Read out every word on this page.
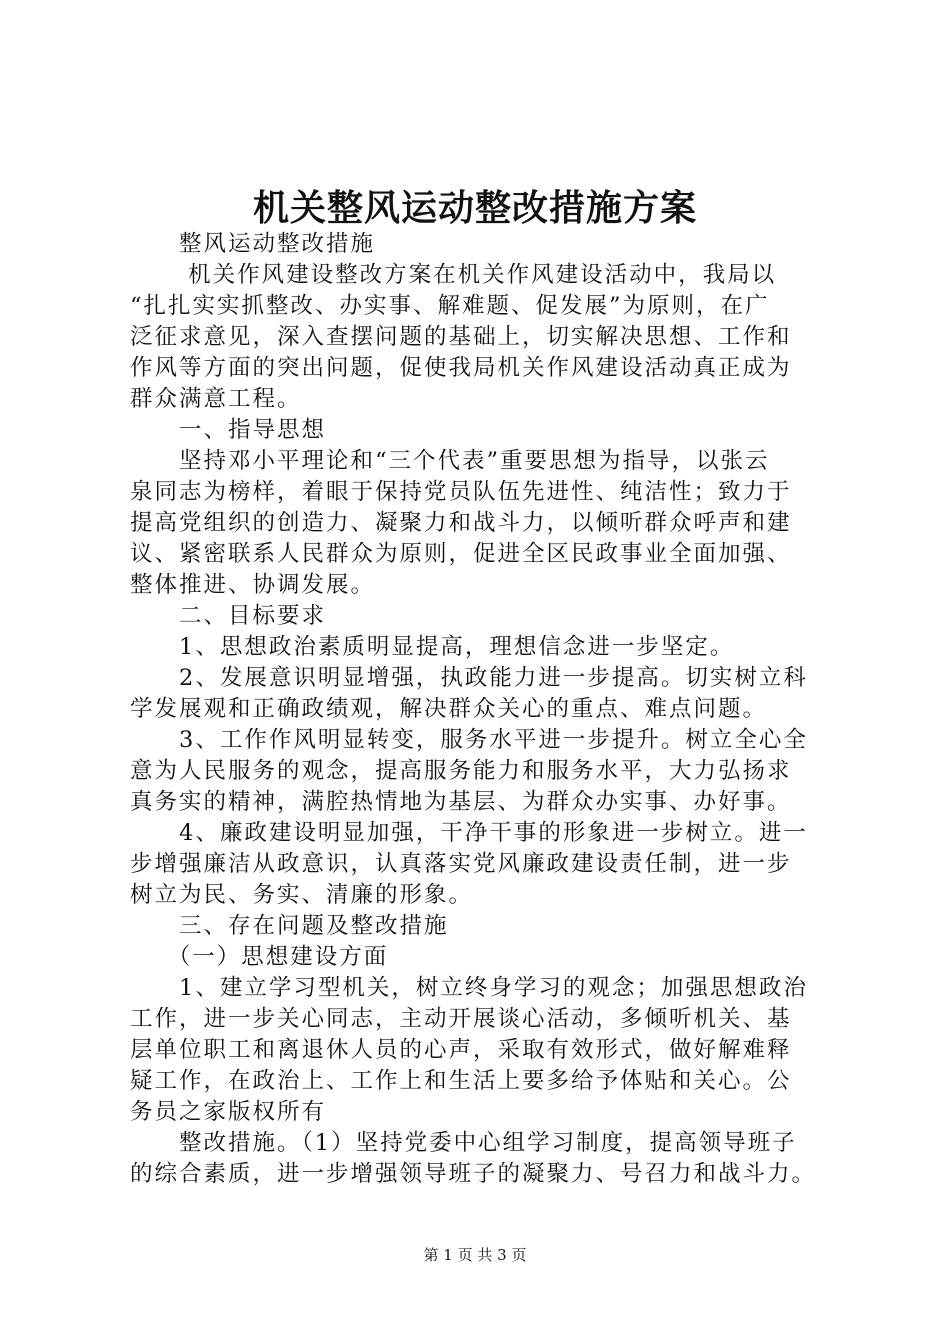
机关整风运动整改措施方案
　　整风运动整改措施
　　 机关作风建设整改方案在机关作风建设活动中，我局以
“扎扎实实抓整改、办实事、解难题、促发展”为原则，在广
泛征求意见，深入查摆问题的基础上，切实解决思想、工作和
作风等方面的突出问题，促使我局机关作风建设活动真正成为
群众满意工程。
　　一、指导思想
　　坚持邓小平理论和“三个代表”重要思想为指导，以张云
泉同志为榜样，着眼于保持党员队伍先进性、纯洁性；致力于
提高党组织的创造力、凝聚力和战斗力，以倾听群众呼声和建
议、紧密联系人民群众为原则，促进全区民政事业全面加强、
整体推进、协调发展。
　　二、目标要求
　　1、思想政治素质明显提高，理想信念进一步坚定。
　　2、发展意识明显增强，执政能力进一步提高。切实树立科
学发展观和正确政绩观，解决群众关心的重点、难点问题。
　　3、工作作风明显转变，服务水平进一步提升。树立全心全
意为人民服务的观念，提高服务能力和服务水平，大力弘扬求
真务实的精神，满腔热情地为基层、为群众办实事、办好事。
　　4、廉政建设明显加强，干净干事的形象进一步树立。进一
步增强廉洁从政意识，认真落实党风廉政建设责任制，进一步
树立为民、务实、清廉的形象。
　　三、存在问题及整改措施
　　（一）思想建设方面
　　1、建立学习型机关，树立终身学习的观念；加强思想政治
工作，进一步关心同志，主动开展谈心活动，多倾听机关、基
层单位职工和离退休人员的心声，采取有效形式，做好解难释
疑工作，在政治上、工作上和生活上要多给予体贴和关心。公
务员之家版权所有
　　整改措施。（1）坚持党委中心组学习制度，提高领导班子
的综合素质，进一步增强领导班子的凝聚力、号召力和战斗力。
第 1 页 共 3 页
